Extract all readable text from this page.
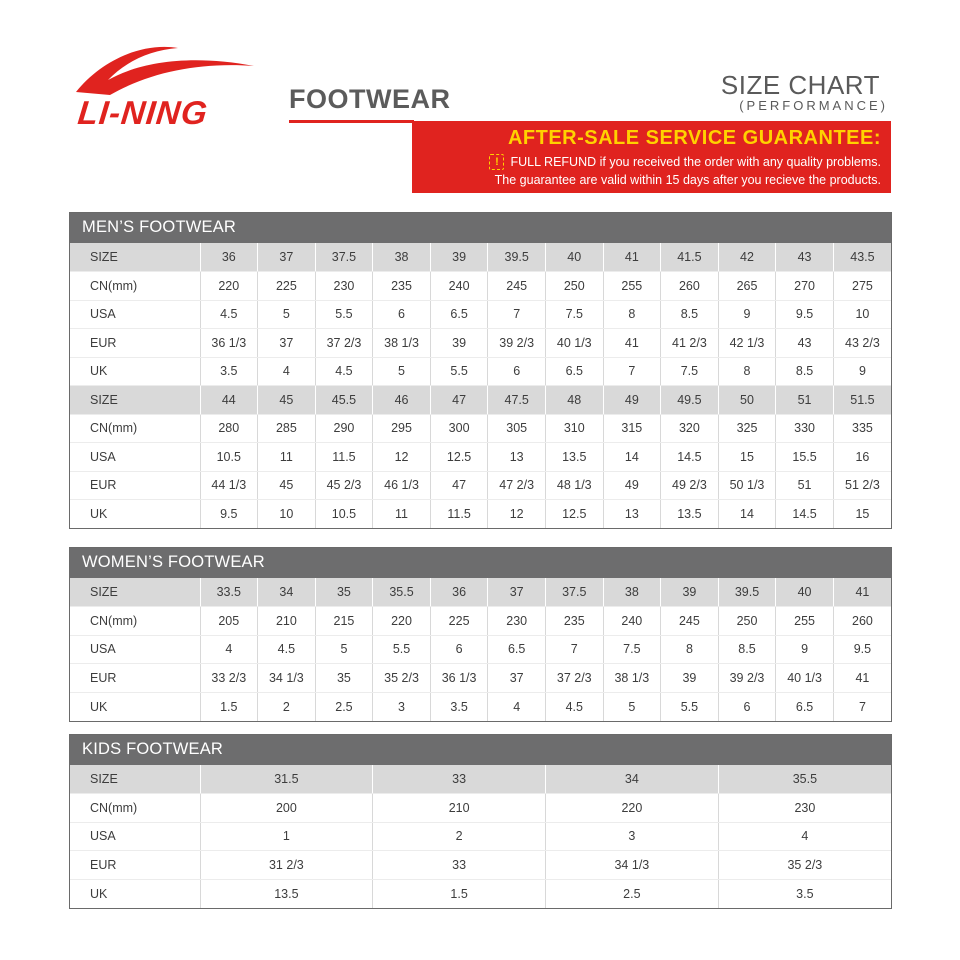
LI-NING	FOOTWEAR	SIZE CHART
(PERFORMANCE)
AFTER-SALE SERVICE GUARANTEE:
! FULL REFUND if you received the order with any quality problems.
The guarantee are valid within 15 days after you recieve the products.
MEN’S FOOTWEAR
SIZE	36	37	37.5	38	39	39.5	40	41	41.5	42	43	43.5
CN(mm)	220	225	230	235	240	245	250	255	260	265	270	275
USA	4.5	5	5.5	6	6.5	7	7.5	8	8.5	9	9.5	10
EUR	36 1/3	37	37 2/3	38 1/3	39	39 2/3	40 1/3	41	41 2/3	42 1/3	43	43 2/3
UK	3.5	4	4.5	5	5.5	6	6.5	7	7.5	8	8.5	9
SIZE	44	45	45.5	46	47	47.5	48	49	49.5	50	51	51.5
CN(mm)	280	285	290	295	300	305	310	315	320	325	330	335
USA	10.5	11	11.5	12	12.5	13	13.5	14	14.5	15	15.5	16
EUR	44 1/3	45	45 2/3	46 1/3	47	47 2/3	48 1/3	49	49 2/3	50 1/3	51	51 2/3
UK	9.5	10	10.5	11	11.5	12	12.5	13	13.5	14	14.5	15
WOMEN’S FOOTWEAR
SIZE	33.5	34	35	35.5	36	37	37.5	38	39	39.5	40	41
CN(mm)	205	210	215	220	225	230	235	240	245	250	255	260
USA	4	4.5	5	5.5	6	6.5	7	7.5	8	8.5	9	9.5
EUR	33 2/3	34 1/3	35	35 2/3	36 1/3	37	37 2/3	38 1/3	39	39 2/3	40 1/3	41
UK	1.5	2	2.5	3	3.5	4	4.5	5	5.5	6	6.5	7
KIDS FOOTWEAR
SIZE	31.5	33	34	35.5
CN(mm)	200	210	220	230
USA	1	2	3	4
EUR	31 2/3	33	34 1/3	35 2/3
UK	13.5	1.5	2.5	3.5
